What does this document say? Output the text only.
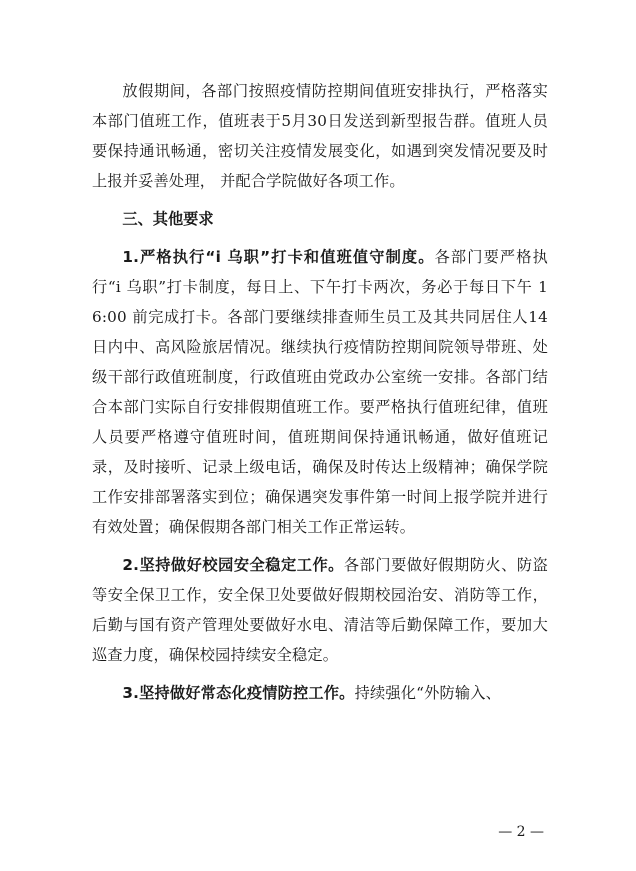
放假期间，各部门按照疫情防控期间值班安排执行，严格落实本部门值班工作，值班表于5月30日发送到新型报告群。值班人员要保持通讯畅通，密切关注疫情发展变化，如遇到突发情况要及时上报并妥善处理， 并配合学院做好各项工作。

三、其他要求

1.严格执行“i 乌职”打卡和值班值守制度。各部门要严格执行“i 乌职”打卡制度，每日上、下午打卡两次，务必于每日下午 16:00 前完成打卡。各部门要继续排查师生员工及其共同居住人14日内中、高风险旅居情况。继续执行疫情防控期间院领导带班、处级干部行政值班制度，行政值班由党政办公室统一安排。各部门结合本部门实际自行安排假期值班工作。要严格执行值班纪律，值班人员要严格遵守值班时间，值班期间保持通讯畅通，做好值班记录，及时接听、记录上级电话，确保及时传达上级精神；确保学院工作安排部署落实到位；确保遇突发事件第一时间上报学院并进行有效处置；确保假期各部门相关工作正常运转。

2.坚持做好校园安全稳定工作。各部门要做好假期防火、防盗等安全保卫工作，安全保卫处要做好假期校园治安、消防等工作，后勤与国有资产管理处要做好水电、清洁等后勤保障工作，要加大巡查力度，确保校园持续安全稳定。

3.坚持做好常态化疫情防控工作。持续强化“外防输入、

— 2 —
